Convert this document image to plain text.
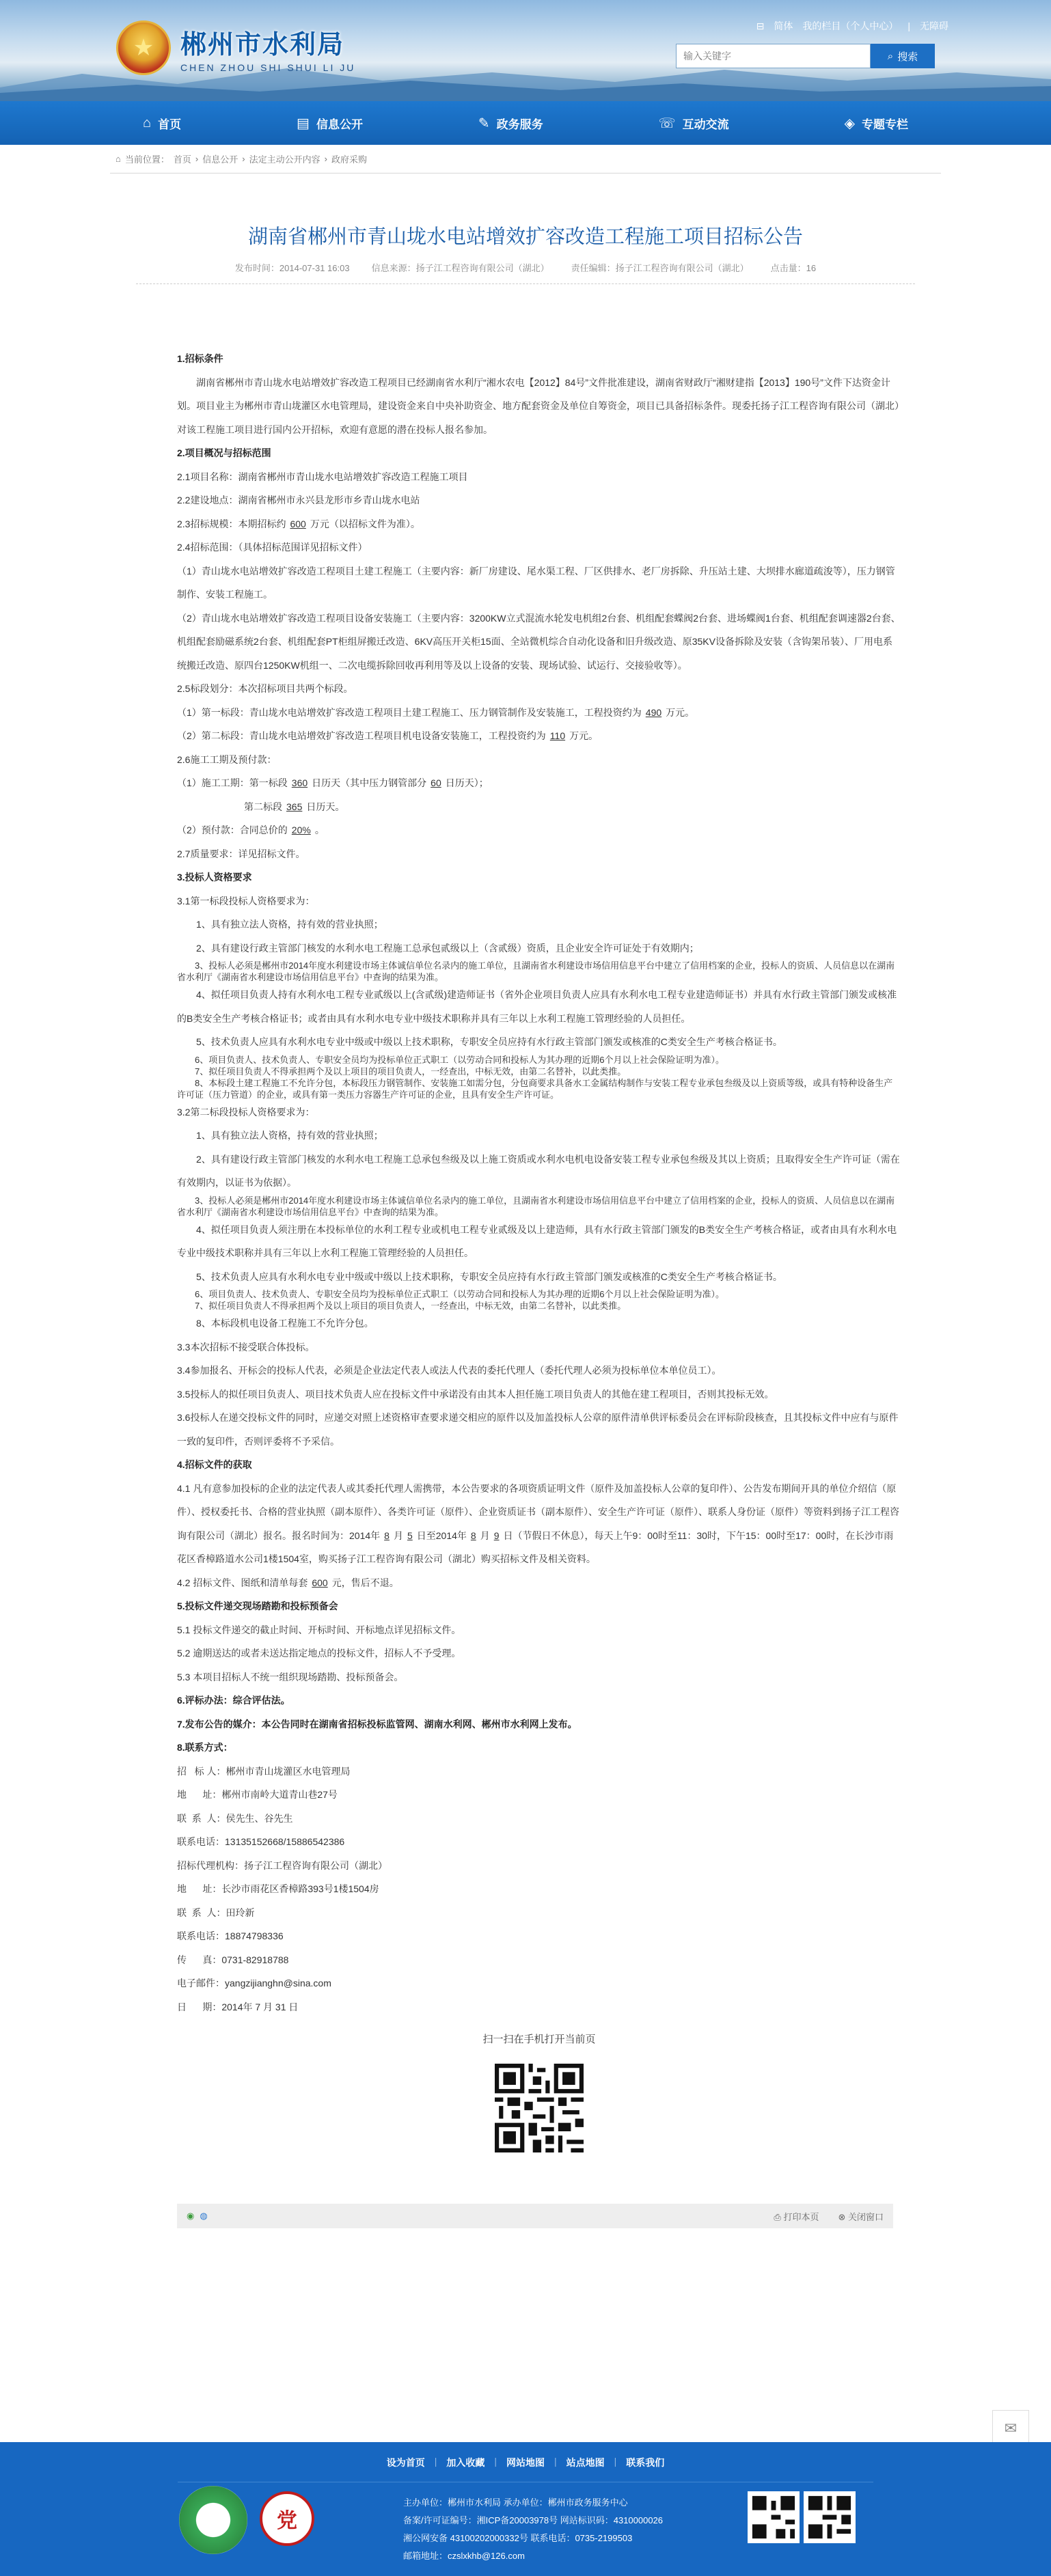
★	郴州市水利局
CHEN ZHOU SHI SHUI LI JU
⊟ 简体 我的栏目（个人中心） | 无障碍
输入关键字
⌕ 搜索
⌂ 首页	▤ 信息公开	✎ 政务服务	☏ 互动交流	◈ 专题专栏
⌂ 当前位置： 首页 › 信息公开 › 法定主动公开内容 › 政府采购
湖南省郴州市青山垅水电站增效扩容改造工程施工项目招标公告
发布时间：2014-07-31 16:03 信息来源：扬子江工程咨询有限公司（湖北） 责任编辑：扬子江工程咨询有限公司（湖北） 点击量：16

1.招标条件

湖南省郴州市青山垅水电站增效扩容改造工程项目已经湖南省水利厅“湘水农电【2012】84号”文件批准建设，湖南省财政厅“湘财建指【2013】190号”文件下达资金计划。项目业主为郴州市青山垅灌区水电管理局，建设资金来自中央补助资金、地方配套资金及单位自筹资金，项目已具备招标条件。现委托扬子江工程咨询有限公司（湖北）对该工程施工项目进行国内公开招标，欢迎有意愿的潜在投标人报名参加。

2.项目概况与招标范围

2.1项目名称：湖南省郴州市青山垅水电站增效扩容改造工程施工项目

2.2建设地点：湖南省郴州市永兴县龙形市乡青山垅水电站

2.3招标规模：本期招标约 600 万元（以招标文件为准）。

2.4招标范围：（具体招标范围详见招标文件）

（1）青山垅水电站增效扩容改造工程项目土建工程施工（主要内容：新厂房建设、尾水渠工程、厂区供排水、老厂房拆除、升压站土建、大坝排水廊道疏浚等），压力钢管制作、安装工程施工。

（2）青山垅水电站增效扩容改造工程项目设备安装施工（主要内容：3200KW立式混流水轮发电机组2台套、机组配套蝶阀2台套、进场蝶阀1台套、机组配套调速器2台套、机组配套励磁系统2台套、机组配套PT柜组屏搬迁改造、6KV高压开关柜15面、全站微机综合自动化设备和旧升级改造、原35KV设备拆除及安装（含钩架吊装）、厂用电系统搬迁改造、原四台1250KW机组一、二次电缆拆除回收再利用等及以上设备的安装、现场试验、试运行、交接验收等）。

2.5标段划分：本次招标项目共两个标段。

（1）第一标段：青山垅水电站增效扩容改造工程项目土建工程施工、压力钢管制作及安装施工，工程投资约为 490 万元。

（2）第二标段：青山垅水电站增效扩容改造工程项目机电设备安装施工，工程投资约为 110 万元。

2.6施工工期及预付款：

（1）施工工期：第一标段 360 日历天（其中压力钢管部分 60 日历天）；

第二标段 365 日历天。

（2）预付款：合同总价的 20% 。

2.7质量要求：详见招标文件。

3.投标人资格要求

3.1第一标段投标人资格要求为：

1、具有独立法人资格，持有效的营业执照；

2、具有建设行政主管部门核发的水利水电工程施工总承包贰级以上（含贰级）资质，且企业安全许可证处于有效期内；

3、投标人必须是郴州市2014年度水利建设市场主体诚信单位名录内的施工单位，且湖南省水利建设市场信用信息平台中建立了信用档案的企业，投标人的资质、人员信息以在湖南省水利厅《湖南省水利建设市场信用信息平台》中查询的结果为准。

4、拟任项目负责人持有水利水电工程专业贰级以上(含贰级)建造师证书（省外企业项目负责人应具有水利水电工程专业建造师证书）并具有水行政主管部门颁发或核准的B类安全生产考核合格证书；或者由具有水利水电专业中级技术职称并具有三年以上水利工程施工管理经验的人员担任。

5、技术负责人应具有水利水电专业中级或中级以上技术职称，专职安全员应持有水行政主管部门颁发或核准的C类安全生产考核合格证书。

6、项目负责人、技术负责人、专职安全员均为投标单位正式职工（以劳动合同和投标人为其办理的近期6个月以上社会保险证明为准）。

7、拟任项目负责人不得承担两个及以上项目的项目负责人，一经查出，中标无效，由第二名替补，以此类推。

8、本标段土建工程施工不允许分包，本标段压力钢管制作、安装施工如需分包，分包商要求具备水工金属结构制作与安装工程专业承包叁级及以上资质等级，或具有特种设备生产许可证（压力管道）的企业，或具有第一类压力容器生产许可证的企业，且具有安全生产许可证。

3.2第二标段投标人资格要求为：

1、具有独立法人资格，持有效的营业执照；

2、具有建设行政主管部门核发的水利水电工程施工总承包叁级及以上施工资质或水利水电机电设备安装工程专业承包叁级及其以上资质；且取得安全生产许可证（需在有效期内，以证书为依据）。

3、投标人必须是郴州市2014年度水利建设市场主体诚信单位名录内的施工单位，且湖南省水利建设市场信用信息平台中建立了信用档案的企业，投标人的资质、人员信息以在湖南省水利厅《湖南省水利建设市场信用信息平台》中查询的结果为准。

4、拟任项目负责人须注册在本投标单位的水利工程专业或机电工程专业贰级及以上建造师，具有水行政主管部门颁发的B类安全生产考核合格证，或者由具有水利水电专业中级技术职称并具有三年以上水利工程施工管理经验的人员担任。

5、技术负责人应具有水利水电专业中级或中级以上技术职称，专职安全员应持有水行政主管部门颁发或核准的C类安全生产考核合格证书。

6、项目负责人、技术负责人、专职安全员均为投标单位正式职工（以劳动合同和投标人为其办理的近期6个月以上社会保险证明为准）。

7、拟任项目负责人不得承担两个及以上项目的项目负责人，一经查出，中标无效，由第二名替补，以此类推。

8、本标段机电设备工程施工不允许分包。

3.3本次招标不接受联合体投标。

3.4参加报名、开标会的投标人代表，必须是企业法定代表人或法人代表的委托代理人（委托代理人必须为投标单位本单位员工）。

3.5投标人的拟任项目负责人、项目技术负责人应在投标文件中承诺没有由其本人担任施工项目负责人的其他在建工程项目，否则其投标无效。

3.6投标人在递交投标文件的同时，应递交对照上述资格审查要求递交相应的原件以及加盖投标人公章的原件清单供评标委员会在评标阶段核查，且其投标文件中应有与原件一致的复印件，否则评委将不予采信。

4.招标文件的获取

4.1 凡有意参加投标的企业的法定代表人或其委托代理人需携带，本公告要求的各项资质证明文件（原件及加盖投标人公章的复印件）、公告发布期间开具的单位介绍信（原件）、授权委托书、合格的营业执照（副本原件）、各类许可证（原件）、企业资质证书（副本原件）、安全生产许可证（原件）、联系人身份证（原件）等资料到扬子江工程咨询有限公司（湖北）报名。报名时间为：2014年 8 月 5 日至2014年 8 月 9 日（节假日不休息），每天上午9：00时至11：30时，下午15：00时至17：00时，在长沙市雨花区香樟路道水公司1楼1504室，购买扬子江工程咨询有限公司（湖北）购买招标文件及相关资料。

4.2 招标文件、图纸和清单每套 600 元，售后不退。

5.投标文件递交现场踏勘和投标预备会

5.1 投标文件递交的截止时间、开标时间、开标地点详见招标文件。

5.2 逾期送达的或者未送达指定地点的投标文件，招标人不予受理。

5.3 本项目招标人不统一组织现场踏勘、投标预备会。

6.评标办法：综合评估法。

7.发布公告的媒介：本公告同时在湖南省招标投标监管网、湖南水利网、郴州市水利网上发布。

8.联系方式：

招   标 人：郴州市青山垅灌区水电管理局

地      址：郴州市南岭大道青山巷27号

联  系  人：侯先生、谷先生

联系电话：13135152668/15886542386

招标代理机构：扬子江工程咨询有限公司（湖北）

地      址：长沙市雨花区香樟路393号1楼1504房

联  系  人：田玲新

联系电话：18874798336

传      真：0731-82918788

电子邮件：yangzijianghn@sina.com

日      期：2014年 7 月 31 日

扫一扫在手机打开当前页
◉ ◍	⎙ 打印本页 ⊗ 关闭窗口
✉
设为首页 | 加入收藏 | 网站地图 | 站点地图 | 联系我们
党
主办单位：郴州市水利局 承办单位：郴州市政务服务中心
备案/许可证编号：湘ICP备20003978号 网站标识码：4310000026
湘公网安备 43100202000332号 联系电话：0735-2199503
邮箱地址：czslxkhb@126.com
